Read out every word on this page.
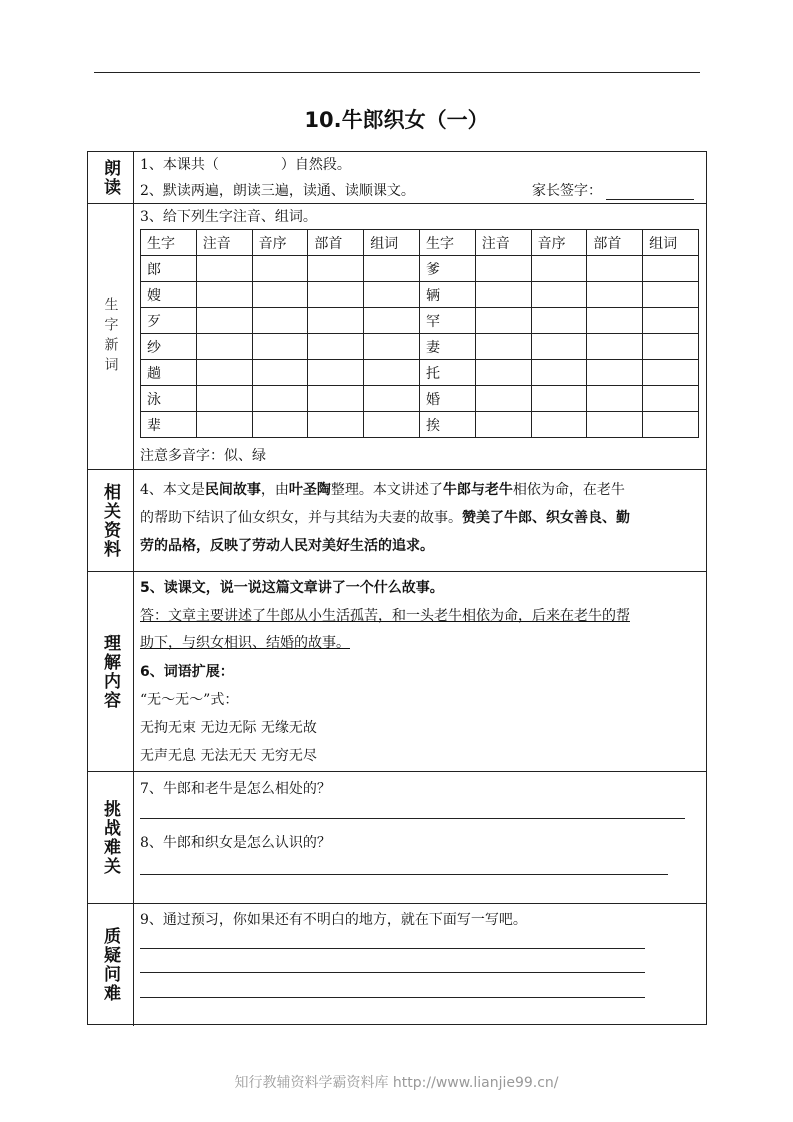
10.牛郎织女（一）
朗读 1、本课共（	）自然段。
2、默读两遍，朗读三遍，读通、读顺课文。	家长签字：
生字新词
3、给下列生字注音、组词。
生字	注音	音序	部首	组词	生字	注音	音序	部首	组词
郎					爹				
嫂					辆				
歹					罕				
纱					妻				
趟					托				
泳					婚				
辈					挨				
注意多音字：似、绿
相关资料 4、本文是民间故事，由叶圣陶整理。本文讲述了牛郎与老牛相依为命，在老牛
的帮助下结识了仙女织女，并与其结为夫妻的故事。赞美了牛郎、织女善良、勤
劳的品格，反映了劳动人民对美好生活的追求。
理解内容
5、读课文，说一说这篇文章讲了一个什么故事。
答：文章主要讲述了牛郎从小生活孤苦，和一头老牛相依为命，后来在老牛的帮
助下，与织女相识、结婚的故事。
6、词语扩展：
“无～无～”式：
无拘无束 无边无际 无缘无故
无声无息 无法无天 无穷无尽
挑战难关
7、牛郎和老牛是怎么相处的？
8、牛郎和织女是怎么认识的？
质疑问难
9、通过预习，你如果还有不明白的地方，就在下面写一写吧。
知行教辅资料学霸资料库 http://www.lianjie99.cn/
